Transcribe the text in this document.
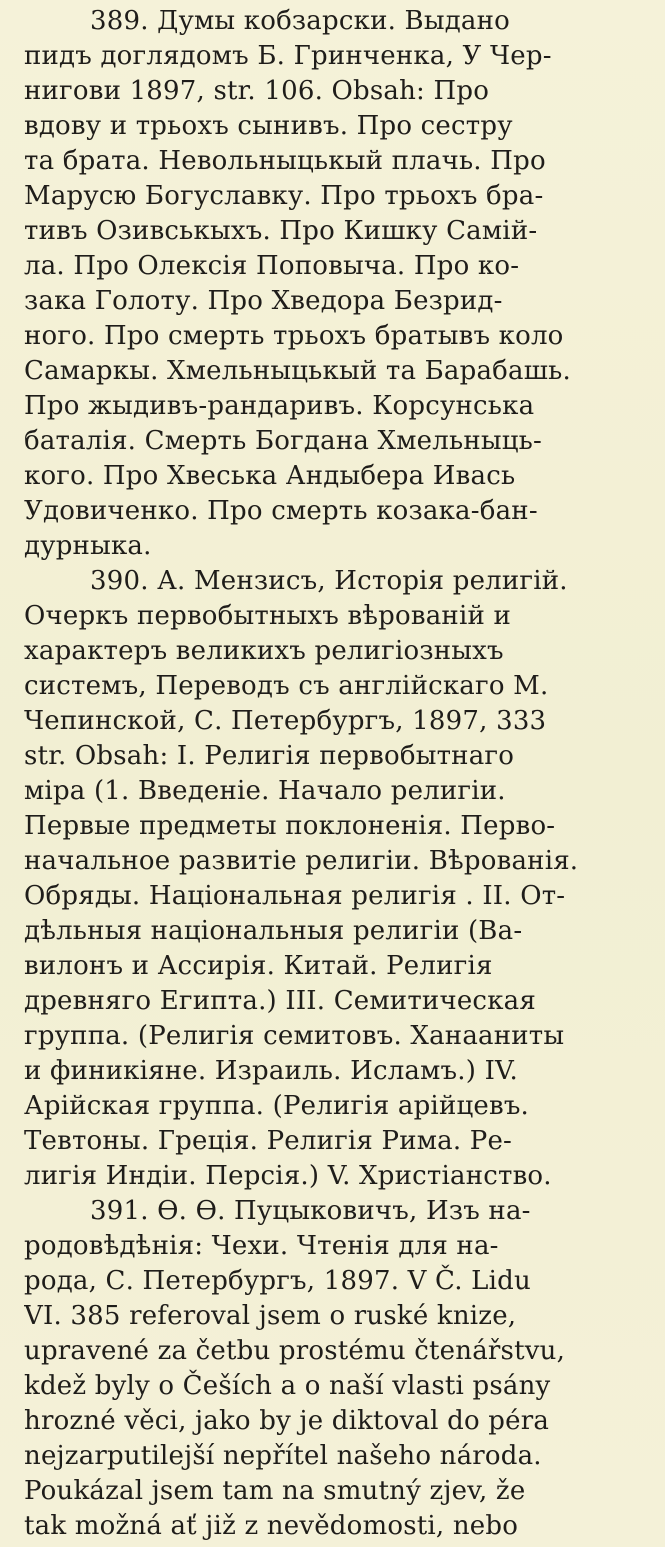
389. Думы кобзарски. Выдано
пидъ доглядомъ Б. Гринченка, У Чер-
нигови 1897, str. 106. Obsah: Про
вдову и трьохъ сынивъ. Про сестру
та брата. Невольныцькый плачь. Про
Марусю Богуславку. Про трьохъ бра-
тивъ Озивськыхъ. Про Кишку Самій-
ла. Про Олексія Поповыча. Про ко-
зака Голоту. Про Хведора Безрид-
ного. Про смерть трьохъ братывъ коло
Самаркы. Хмельныцькый та Барабашь.
Про жыдивъ-рандаривъ. Корсунська
баталія. Смерть Богдана Хмельныць-
кого. Про Хвеська Андыбера Ивась
Удовиченко. Про смерть козака-бан-
дурныка.
390. А. Мензисъ, Исторія религій.
Очеркъ первобытныхъ вѣрованій и
характеръ великихъ религіозныхъ
системъ, Переводъ съ англійскаго М.
Чепинской, С. Петербургъ, 1897, 333
str. Obsah: I. Религія первобытнаго
міра (1. Введеніе. Начало религіи.
Первые предметы поклоненія. Перво-
начальное развитіе религіи. Вѣрованія.
Обряды. Національная религія . II. От-
дѣльныя національныя религіи (Ва-
вилонъ и Ассирія. Китай. Религія
древняго Египта.) III. Семитическая
группа. (Религія семитовъ. Ханааниты
и финикіяне. Израиль. Исламъ.) IV.
Арійская группа. (Религія арійцевъ.
Тевтоны. Греція. Религія Рима. Ре-
лигія Индіи. Персія.) V. Христіанство.
391. Ѳ. Ѳ. Пуцыковичъ, Изъ на-
родовѣдѣнія: Чехи. Чтенія для на-
рода, С. Петербургъ, 1897. V Č. Lidu
VI. 385 referoval jsem o ruské knize,
upravené za četbu prostému čtenářstvu,
kdež byly o Češích a o naší vlasti psány
hrozné věci, jako by je diktoval do péra
nejzarputilejší nepřítel našeho národa.
Poukázal jsem tam na smutný zjev, že
tak možná ať již z nevědomosti, nebo
